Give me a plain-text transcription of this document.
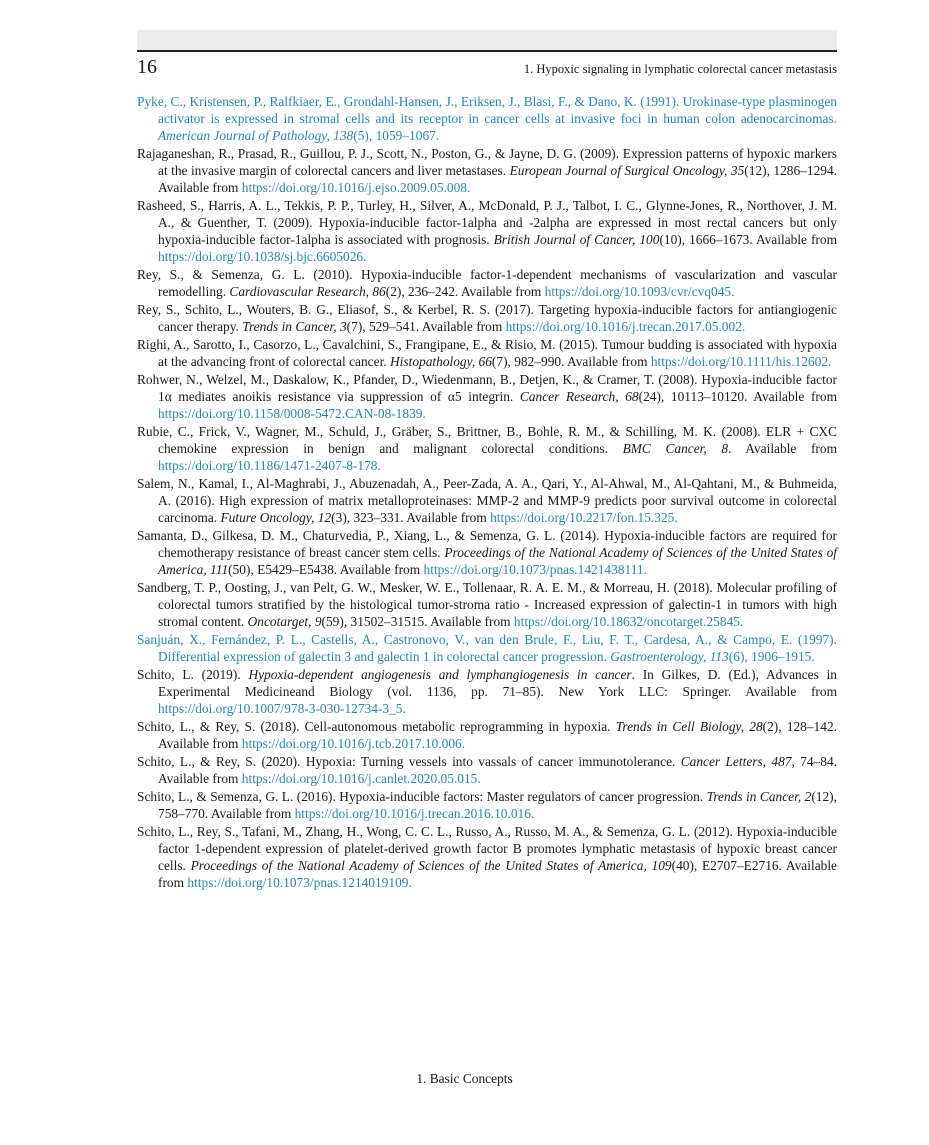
16	1. Hypoxic signaling in lymphatic colorectal cancer metastasis
Pyke, C., Kristensen, P., Ralfkiaer, E., Grondahl-Hansen, J., Eriksen, J., Blasi, F., & Dano, K. (1991). Urokinase-type plasminogen activator is expressed in stromal cells and its receptor in cancer cells at invasive foci in human colon adenocarcinomas. American Journal of Pathology, 138(5), 1059–1067.
Rajaganeshan, R., Prasad, R., Guillou, P. J., Scott, N., Poston, G., & Jayne, D. G. (2009). Expression patterns of hypoxic markers at the invasive margin of colorectal cancers and liver metastases. European Journal of Surgical Oncology, 35(12), 1286–1294. Available from https://doi.org/10.1016/j.ejso.2009.05.008.
Rasheed, S., Harris, A. L., Tekkis, P. P., Turley, H., Silver, A., McDonald, P. J., Talbot, I. C., Glynne-Jones, R., Northover, J. M. A., & Guenther, T. (2009). Hypoxia-inducible factor-1alpha and -2alpha are expressed in most rectal cancers but only hypoxia-inducible factor-1alpha is associated with prognosis. British Journal of Cancer, 100(10), 1666–1673. Available from https://doi.org/10.1038/sj.bjc.6605026.
Rey, S., & Semenza, G. L. (2010). Hypoxia-inducible factor-1-dependent mechanisms of vascularization and vascular remodelling. Cardiovascular Research, 86(2), 236–242. Available from https://doi.org/10.1093/cvr/cvq045.
Rey, S., Schito, L., Wouters, B. G., Eliasof, S., & Kerbel, R. S. (2017). Targeting hypoxia-inducible factors for antiangiogenic cancer therapy. Trends in Cancer, 3(7), 529–541. Available from https://doi.org/10.1016/j.trecan.2017.05.002.
Righi, A., Sarotto, I., Casorzo, L., Cavalchini, S., Frangipane, E., & Risio, M. (2015). Tumour budding is associated with hypoxia at the advancing front of colorectal cancer. Histopathology, 66(7), 982–990. Available from https://doi.org/10.1111/his.12602.
Rohwer, N., Welzel, M., Daskalow, K., Pfander, D., Wiedenmann, B., Detjen, K., & Cramer, T. (2008). Hypoxia-inducible factor 1α mediates anoikis resistance via suppression of α5 integrin. Cancer Research, 68(24), 10113–10120. Available from https://doi.org/10.1158/0008-5472.CAN-08-1839.
Rubie, C., Frick, V., Wagner, M., Schuld, J., Gräber, S., Brittner, B., Bohle, R. M., & Schilling, M. K. (2008). ELR + CXC chemokine expression in benign and malignant colorectal conditions. BMC Cancer, 8. Available from https://doi.org/10.1186/1471-2407-8-178.
Salem, N., Kamal, I., Al-Maghrabi, J., Abuzenadah, A., Peer-Zada, A. A., Qari, Y., Al-Ahwal, M., Al-Qahtani, M., & Buhmeida, A. (2016). High expression of matrix metalloproteinases: MMP-2 and MMP-9 predicts poor survival outcome in colorectal carcinoma. Future Oncology, 12(3), 323–331. Available from https://doi.org/10.2217/fon.15.325.
Samanta, D., Gilkesa, D. M., Chaturvedia, P., Xiang, L., & Semenza, G. L. (2014). Hypoxia-inducible factors are required for chemotherapy resistance of breast cancer stem cells. Proceedings of the National Academy of Sciences of the United States of America, 111(50), E5429–E5438. Available from https://doi.org/10.1073/pnas.1421438111.
Sandberg, T. P., Oosting, J., van Pelt, G. W., Mesker, W. E., Tollenaar, R. A. E. M., & Morreau, H. (2018). Molecular profiling of colorectal tumors stratified by the histological tumor-stroma ratio - Increased expression of galectin-1 in tumors with high stromal content. Oncotarget, 9(59), 31502–31515. Available from https://doi.org/10.18632/oncotarget.25845.
Sanjuán, X., Fernández, P. L., Castells, A., Castronovo, V., van den Brule, F., Liu, F. T., Cardesa, A., & Campo, E. (1997). Differential expression of galectin 3 and galectin 1 in colorectal cancer progression. Gastroenterology, 113(6), 1906–1915.
Schito, L. (2019). Hypoxia-dependent angiogenesis and lymphangiogenesis in cancer. In Gilkes, D. (Ed.), Advances in Experimental Medicineand Biology (vol. 1136, pp. 71–85). New York LLC: Springer. Available from https://doi.org/10.1007/978-3-030-12734-3_5.
Schito, L., & Rey, S. (2018). Cell-autonomous metabolic reprogramming in hypoxia. Trends in Cell Biology, 28(2), 128–142. Available from https://doi.org/10.1016/j.tcb.2017.10.006.
Schito, L., & Rey, S. (2020). Hypoxia: Turning vessels into vassals of cancer immunotolerance. Cancer Letters, 487, 74–84. Available from https://doi.org/10.1016/j.canlet.2020.05.015.
Schito, L., & Semenza, G. L. (2016). Hypoxia-inducible factors: Master regulators of cancer progression. Trends in Cancer, 2(12), 758–770. Available from https://doi.org/10.1016/j.trecan.2016.10.016.
Schito, L., Rey, S., Tafani, M., Zhang, H., Wong, C. C. L., Russo, A., Russo, M. A., & Semenza, G. L. (2012). Hypoxia-inducible factor 1-dependent expression of platelet-derived growth factor B promotes lymphatic metastasis of hypoxic breast cancer cells. Proceedings of the National Academy of Sciences of the United States of America, 109(40), E2707–E2716. Available from https://doi.org/10.1073/pnas.1214019109.
1. Basic Concepts
